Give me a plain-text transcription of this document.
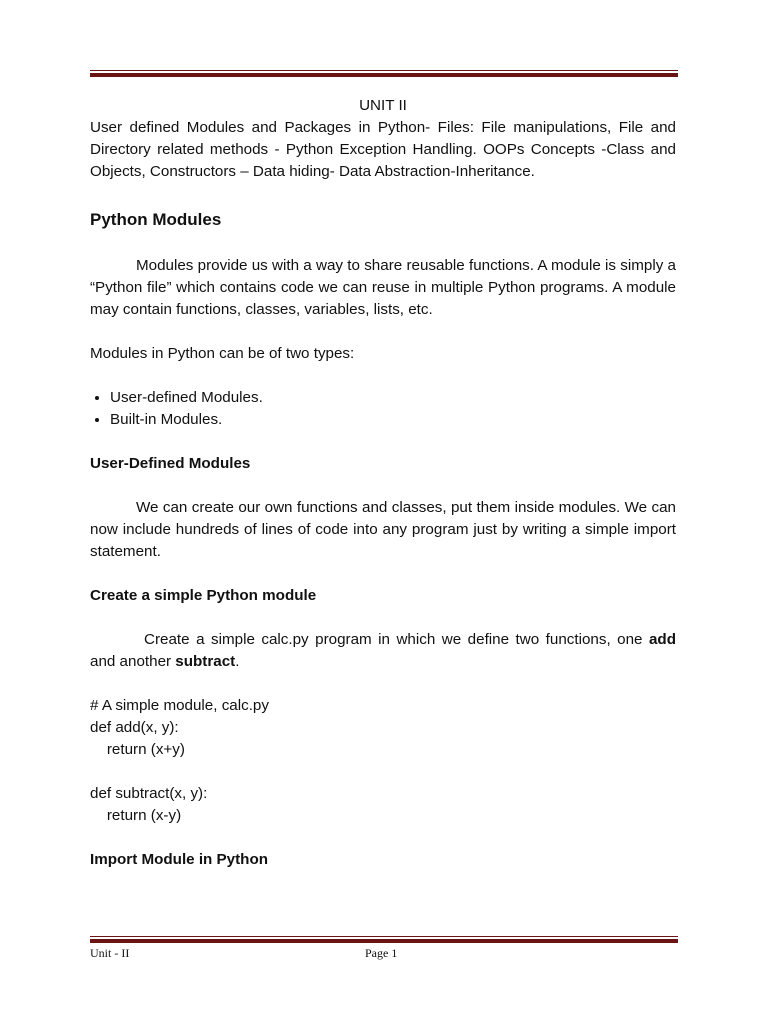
UNIT II

User defined Modules and Packages in Python- Files: File manipulations, File and Directory related methods - Python Exception Handling. OOPs Concepts -Class and Objects, Constructors – Data hiding- Data Abstraction-Inheritance.

Python Modules

Modules provide us with a way to share reusable functions. A module is simply a “Python file” which contains code we can reuse in multiple Python programs. A module may contain functions, classes, variables, lists, etc.

Modules in Python can be of two types:

• User-defined Modules.
• Built-in Modules.

User-Defined Modules

We can create our own functions and classes, put them inside modules. We can now include hundreds of lines of code into any program just by writing a simple import statement.

Create a simple Python module

Create a simple calc.py program in which we define two functions, one add and another subtract.

# A simple module, calc.py

def add(x, y):

return (x+y)

def subtract(x, y):

return (x-y)

Import Module in Python

Unit - II	Page 1
